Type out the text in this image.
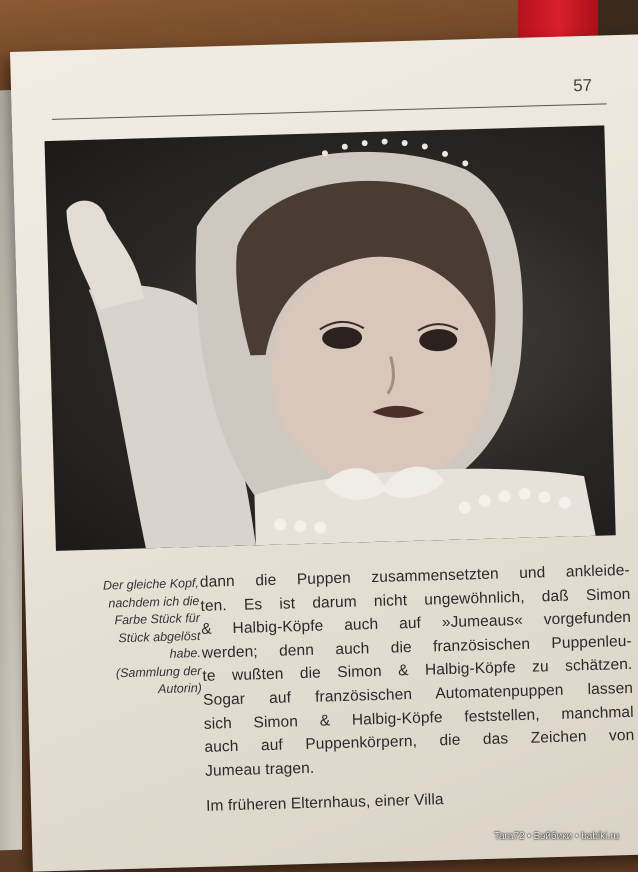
57
Der gleiche Kopf,
nachdem ich die
Farbe Stück für
Stück abgelöst
habe.
(Sammlung der
Autorin)
dann die Puppen zusammensetzten und ankleide-
ten. Es ist darum nicht ungewöhnlich, daß Simon
& Halbig-Köpfe auch auf »Jumeaus« vorgefunden
werden; denn auch die französischen Puppenleu-
te wußten die Simon & Halbig-Köpfe zu schätzen.
Sogar auf französischen Automatenpuppen lassen
sich Simon & Halbig-Köpfe feststellen, manchmal
auch auf Puppenkörpern, die das Zeichen von
Jumeau tragen.
Im früheren Elternhaus, einer Villa
Tara72 • Бэйбики • babiki.ru
